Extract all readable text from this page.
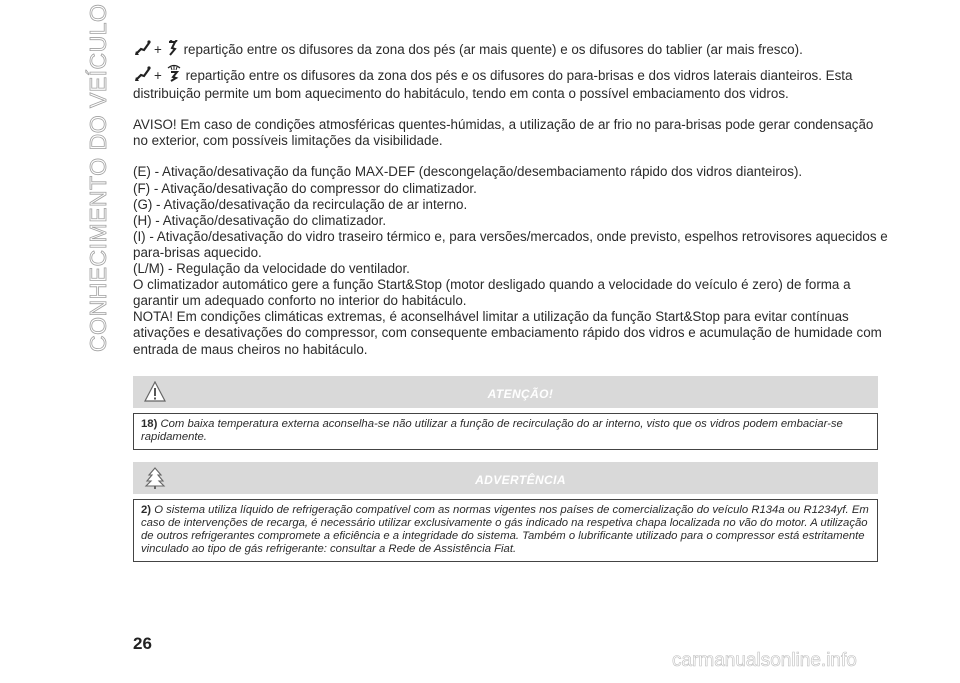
CONHECIMENTO DO VEÍCULO	+ repartição entre os difusores da zona dos pés (ar mais quente) e os difusores do tablier (ar mais fresco).
+ repartição entre os difusores da zona dos pés e os difusores do para-brisas e dos vidros laterais dianteiros. Esta
distribuição permite um bom aquecimento do habitáculo, tendo em conta o possível embaciamento dos vidros.
AVISO! Em caso de condições atmosféricas quentes-húmidas, a utilização de ar frio no para-brisas pode gerar condensação
no exterior, com possíveis limitações da visibilidade.
(E) - Ativação/desativação da função MAX-DEF (descongelação/desembaciamento rápido dos vidros dianteiros).
(F) - Ativação/desativação do compressor do climatizador.
(G) - Ativação/desativação da recirculação de ar interno.
(H) - Ativação/desativação do climatizador.
(I) - Ativação/desativação do vidro traseiro térmico e, para versões/mercados, onde previsto, espelhos retrovisores aquecidos e
para-brisas aquecido.
(L/M) - Regulação da velocidade do ventilador.
O climatizador automático gere a função Start&Stop (motor desligado quando a velocidade do veículo é zero) de forma a
garantir um adequado conforto no interior do habitáculo.
NOTA! Em condições climáticas extremas, é aconselhável limitar a utilização da função Start&Stop para evitar contínuas
ativações e desativações do compressor, com consequente embaciamento rápido dos vidros e acumulação de humidade com
entrada de maus cheiros no habitáculo.
ATENÇÃO!
18) Com baixa temperatura externa aconselha-se não utilizar a função de recirculação do ar interno, visto que os vidros podem embaciar-se rapidamente.
ADVERTÊNCIA
2) O sistema utiliza líquido de refrigeração compatível com as normas vigentes nos países de comercialização do veículo R134a ou R1234yf. Em caso de intervenções de recarga, é necessário utilizar exclusivamente o gás indicado na respetiva chapa localizada no vão do motor. A utilização de outros refrigerantes compromete a eficiência e a integridade do sistema. Também o lubrificante utilizado para o compressor está estritamente vinculado ao tipo de gás refrigerante: consultar a Rede de Assistência Fiat.
26
carmanualsonline.info
